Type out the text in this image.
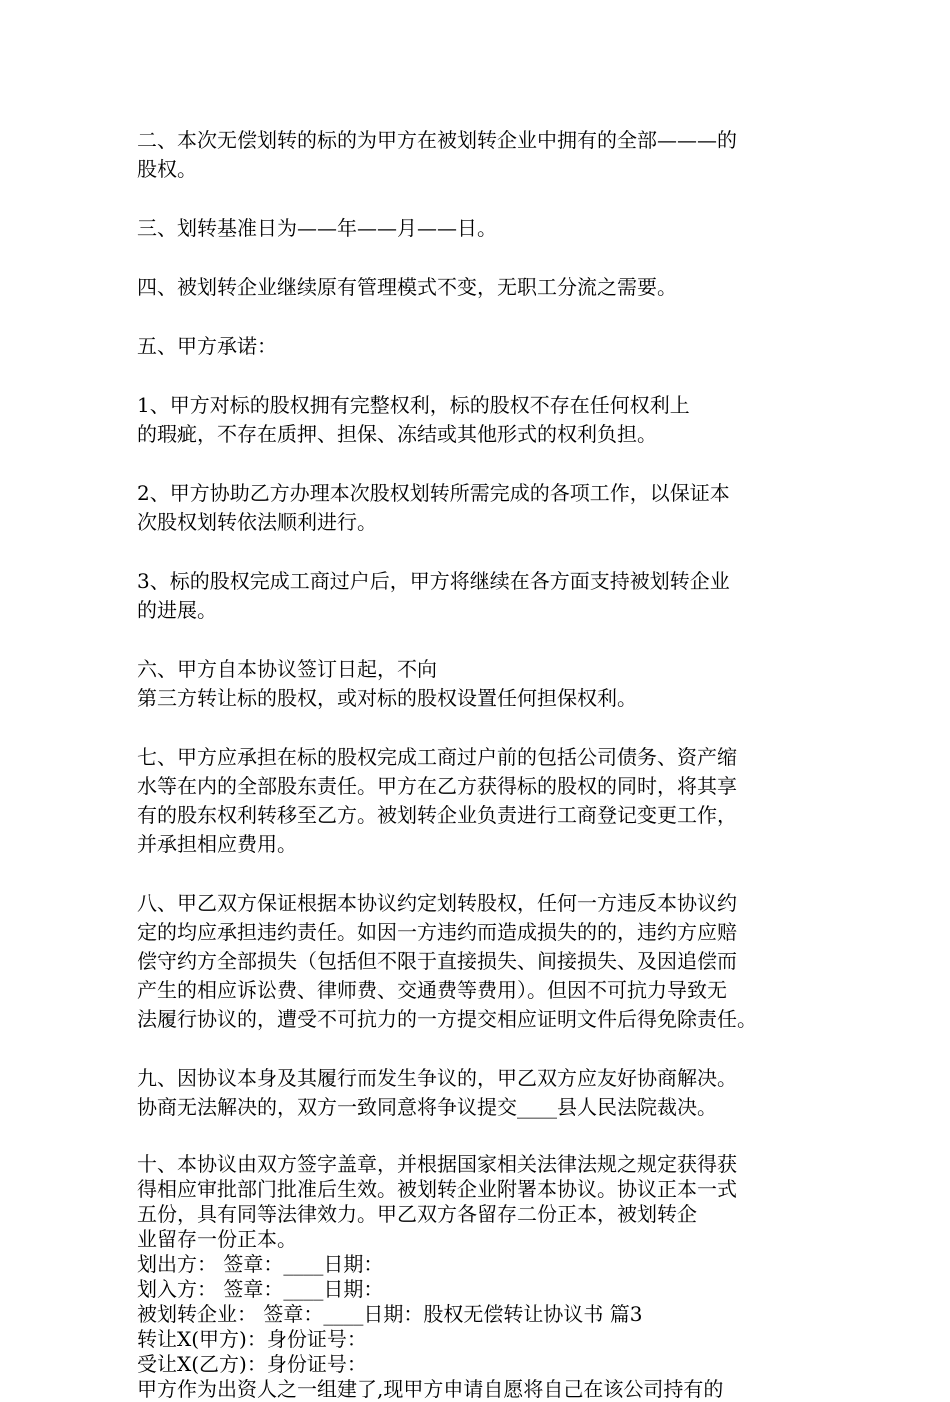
二、本次无偿划转的标的为甲方在被划转企业中拥有的全部———的
股权。
三、划转基准日为——年——月——日。
四、被划转企业继续原有管理模式不变，无职工分流之需要。
五、甲方承诺：
1、甲方对标的股权拥有完整权利，标的股权不存在任何权利上
的瑕疵，不存在质押、担保、冻结或其他形式的权利负担。
2、甲方协助乙方办理本次股权划转所需完成的各项工作，以保证本
次股权划转依法顺利进行。
3、标的股权完成工商过户后，甲方将继续在各方面支持被划转企业
的进展。
六、甲方自本协议签订日起，不向
第三方转让标的股权，或对标的股权设置任何担保权利。
七、甲方应承担在标的股权完成工商过户前的包括公司债务、资产缩
水等在内的全部股东责任。甲方在乙方获得标的股权的同时，将其享
有的股东权利转移至乙方。被划转企业负责进行工商登记变更工作，
并承担相应费用。
八、甲乙双方保证根据本协议约定划转股权，任何一方违反本协议约
定的均应承担违约责任。如因一方违约而造成损失的的，违约方应赔
偿守约方全部损失（包括但不限于直接损失、间接损失、及因追偿而
产生的相应诉讼费、律师费、交通费等费用）。但因不可抗力导致无
法履行协议的，遭受不可抗力的一方提交相应证明文件后得免除责任。
九、因协议本身及其履行而发生争议的，甲乙双方应友好协商解决。
协商无法解决的，双方一致同意将争议提交____县人民法院裁决。
十、本协议由双方签字盖章，并根据国家相关法律法规之规定获得获
得相应审批部门批准后生效。被划转企业附署本协议。协议正本一式
五份，具有同等法律效力。甲乙双方各留存二份正本，被划转企
业留存一份正本。
划出方： 签章：____日期：
划入方： 签章：____日期：
被划转企业： 签章：____日期：股权无偿转让协议书 篇3
转让X(甲方)：身份证号：
受让X(乙方)：身份证号：
甲方作为出资人之一组建了,现甲方申请自愿将自己在该公司持有的
